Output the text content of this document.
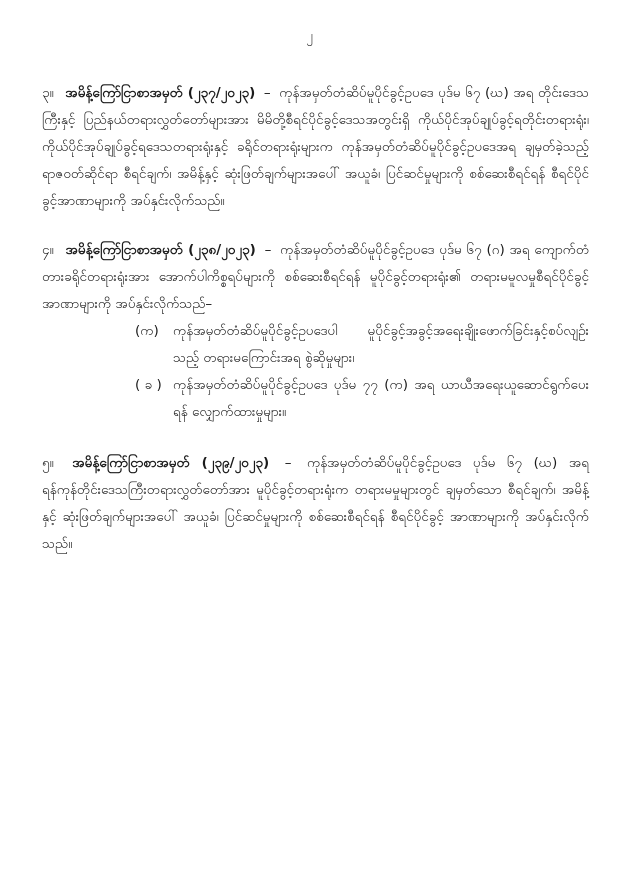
၂
၃။ အမိန့်ကြော်ငြာစာအမှတ် (၂၃၇/၂၀၂၃) – ကုန်အမှတ်တံဆိပ်မူပိုင်ခွင့်ဥပဒေ ပုဒ်မ ၆၇ (ဃ) အရ တိုင်းဒေသကြီးနှင့် ပြည်နယ်တရားလွှတ်တော်များအား မိမိတို့စီရင်ပိုင်ခွင့်ဒေသအတွင်းရှိ ကိုယ်ပိုင်အုပ်ချုပ်ခွင့်ရတိုင်းတရားရုံး၊ ကိုယ်ပိုင်အုပ်ချုပ်ခွင့်ရဒေသတရားရုံးနှင့် ခရိုင်တရားရုံးများက ကုန်အမှတ်တံဆိပ်မူပိုင်ခွင့်ဥပဒေအရ ချမှတ်ခဲ့သည့် ရာဇဝတ်ဆိုင်ရာ စီရင်ချက်၊ အမိန့်နှင့် ဆုံးဖြတ်ချက်များအပေါ် အယူခံ၊ ပြင်ဆင်မှုများကို စစ်ဆေးစီရင်ရန် စီရင်ပိုင်ခွင့်အာဏာများကို အပ်နှင်းလိုက်သည်။
၄။ အမိန့်ကြော်ငြာစာအမှတ် (၂၃၈/၂၀၂၃) – ကုန်အမှတ်တံဆိပ်မူပိုင်ခွင့်ဥပဒေ ပုဒ်မ ၆၇ (ဂ) အရ ကျောက်တံတားခရိုင်တရားရုံးအား အောက်ပါကိစ္စရပ်များကို စစ်ဆေးစီရင်ရန် မူပိုင်ခွင့်တရားရုံး၏ တရားမမူလမှုစီရင်ပိုင်ခွင့် အာဏာများကို အပ်နှင်းလိုက်သည်–
(က)	ကုန်အမှတ်တံဆိပ်မူပိုင်ခွင့်ဥပဒေပါ မူပိုင်ခွင့်အခွင့်အရေးချိုးဖောက်ခြင်းနှင့်စပ်လျဉ်းသည့် တရားမကြောင်းအရ စွဲဆိုမှုများ၊
( ခ ) ကုန်အမှတ်တံဆိပ်မူပိုင်ခွင့်ဥပဒေ ပုဒ်မ ၇၇ (က) အရ ယာယီအရေးယူဆောင်ရွက်ပေးရန် လျှောက်ထားမှုများ။
၅။ အမိန့်ကြော်ငြာစာအမှတ် (၂၃၉/၂၀၂၃) – ကုန်အမှတ်တံဆိပ်မူပိုင်ခွင့်ဥပဒေ ပုဒ်မ ၆၇ (ဃ) အရ ရန်ကုန်တိုင်းဒေသကြီးတရားလွှတ်တော်အား မူပိုင်ခွင့်တရားရုံးက တရားမမှုများတွင် ချမှတ်သော စီရင်ချက်၊ အမိန့်နှင့် ဆုံးဖြတ်ချက်များအပေါ် အယူခံ၊ ပြင်ဆင်မှုများကို စစ်ဆေးစီရင်ရန် စီရင်ပိုင်ခွင့် အာဏာများကို အပ်နှင်းလိုက်သည်။
